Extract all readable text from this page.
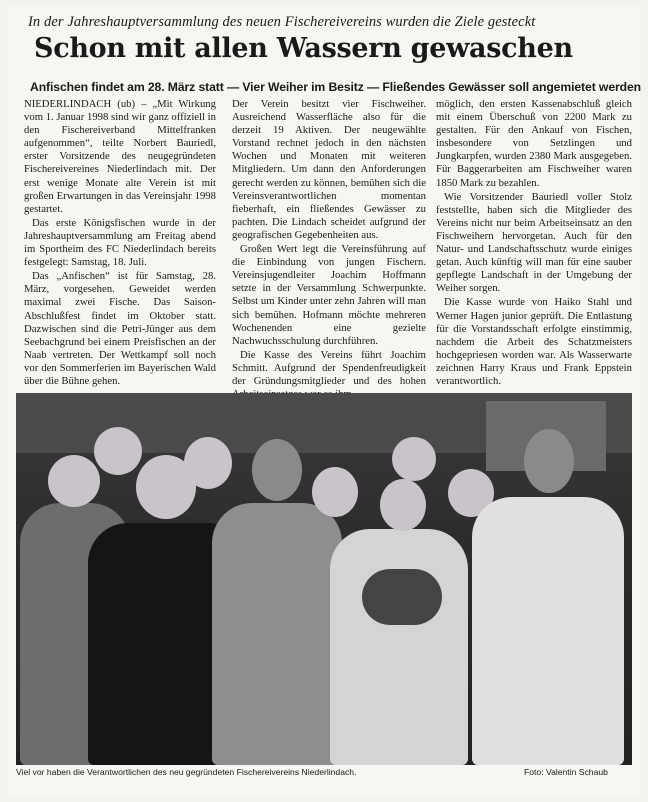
In der Jahreshauptversammlung des neuen Fischereivereins wurden die Ziele gesteckt
Schon mit allen Wassern gewaschen
Anfischen findet am 28. März statt — Vier Weiher im Besitz — Fließendes Gewässer soll angemietet werden

NIEDERLINDACH (ub) – „Mit Wirkung vom 1. Januar 1998 sind wir ganz offiziell in den Fischereiverband Mittelfranken aufgenommen“, teilte Norbert Bauriedl, erster Vorsitzende des neugegründeten Fischereivereines Niederlindach mit. Der erst wenige Monate alte Verein ist mit großen Erwartungen in das Vereinsjahr 1998 gestartet.

Das erste Königsfischen wurde in der Jahreshauptversammlung am Freitag abend im Sportheim des FC Niederlindach bereits festgelegt: Samstag, 18. Juli.

Das „Anfischen“ ist für Samstag, 28. März, vorgesehen. Geweidet werden maximal zwei Fische. Das Saison-Abschlußfest findet im Oktober statt. Dazwischen sind die Petri-Jünger aus dem Seebachgrund bei einem Preisfischen an der Naab vertreten. Der Wettkampf soll noch vor den Sommerferien im Bayerischen Wald über die Bühne gehen.

Der Verein besitzt vier Fischweiher. Ausreichend Wasserfläche also für die derzeit 19 Aktiven. Der neugewählte Vorstand rechnet jedoch in den nächsten Wochen und Monaten mit weiteren Mitgliedern. Um dann den Anforderungen gerecht werden zu können, bemühen sich die Vereinsverantwortlichen momentan fieberhaft, ein fließendes Gewässer zu pachten. Die Lindach scheidet aufgrund der geografischen Gegebenheiten aus.

Großen Wert legt die Vereinsführung auf die Einbindung von jungen Fischern. Vereinsjugendleiter Joachim Hoffmann setzte in der Versammlung Schwerpunkte. Selbst um Kinder unter zehn Jahren will man sich bemühen. Hofmann möchte mehreren Wochenenden eine gezielte Nachwuchsschulung durchführen.

Die Kasse des Vereins führt Joachim Schmitt. Aufgrund der Spendenfreudigkeit der Gründungsmitglieder und des hohen

möglich, den ersten Kassenabschluß gleich mit einem Überschuß von 2200 Mark zu gestalten. Für den Ankauf von Fischen, insbesondere von Setzlingen und Jungkarpfen, wurden 2380 Mark ausgegeben. Für Baggerarbeiten am Fischweiher waren 1850 Mark zu bezahlen.

Wie Vorsitzender Bauriedl voller Stolz feststellte, haben sich die Mitglieder des Vereins nicht nur beim Arbeitseinsatz an den Fischweihern hervorgetan. Auch für den Natur- und Landschaftsschutz wurde einiges getan. Auch künftig will man für eine sauber gepflegte Landschaft in der Umgebung der Weiher sorgen.

Die Kasse wurde von Haiko Stahl und Werner Hagen junior geprüft. Die Entlastung für die Vorstandsschaft erfolgte einstimmig, nachdem die Arbeit des Schatzmeisters hochgepriesen worden war. Als Wasserwarte zeichnen Harry Kraus und Frank Eppstein verantwortlich.

Viel vor haben die Verantwortlichen des neu gegründeten Fischereivereins Niederlindach.	Foto: Valentin Schaub
